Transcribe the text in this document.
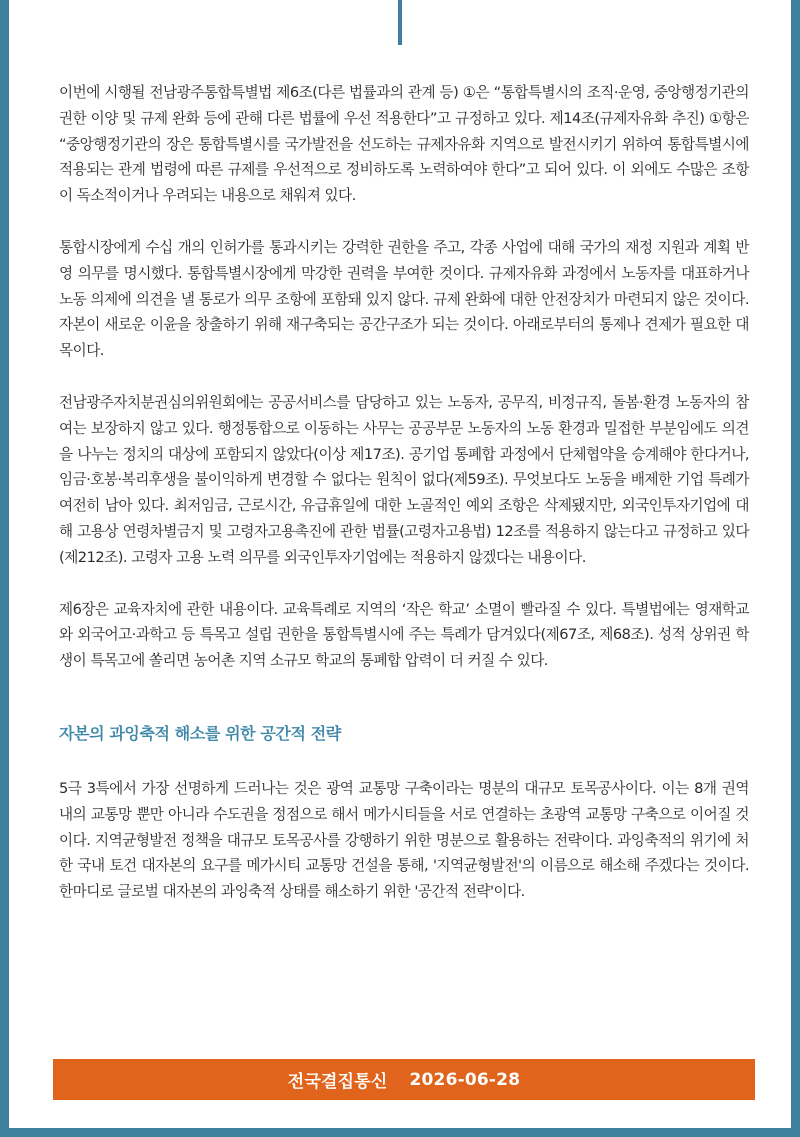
이번에 시행될 전남광주통합특별법 제6조(다른 법률과의 관계 등) ①은 “통합특별시의 조직·운영, 중앙행정기관의 권한 이양 및 규제 완화 등에 관해 다른 법률에 우선 적용한다”고 규정하고 있다. 제14조(규제자유화 추진) ①항은 “중앙행정기관의 장은 통합특별시를 국가발전을 선도하는 규제자유화 지역으로 발전시키기 위하여 통합특별시에 적용되는 관계 법령에 따른 규제를 우선적으로 정비하도록 노력하여야 한다”고 되어 있다. 이 외에도 수많은 조항이 독소적이거나 우려되는 내용으로 채워져 있다.

통합시장에게 수십 개의 인허가를 통과시키는 강력한 권한을 주고, 각종 사업에 대해 국가의 재정 지원과 계획 반영 의무를 명시했다. 통합특별시장에게 막강한 권력을 부여한 것이다. 규제자유화 과정에서 노동자를 대표하거나 노동 의제에 의견을 낼 통로가 의무 조항에 포함돼 있지 않다. 규제 완화에 대한 안전장치가 마련되지 않은 것이다. 자본이 새로운 이윤을 창출하기 위해 재구축되는 공간구조가 되는 것이다. 아래로부터의 통제나 견제가 필요한 대목이다.

전남광주자치분권심의위원회에는 공공서비스를 담당하고 있는 노동자, 공무직, 비정규직, 돌봄·환경 노동자의 참여는 보장하지 않고 있다. 행정통합으로 이동하는 사무는 공공부문 노동자의 노동 환경과 밀접한 부분임에도 의견을 나누는 정치의 대상에 포함되지 않았다(이상 제17조). 공기업 통폐합 과정에서 단체협약을 승계해야 한다거나, 임금·호봉·복리후생을 불이익하게 변경할 수 없다는 원칙이 없다(제59조). 무엇보다도 노동을 배제한 기업 특례가 여전히 남아 있다. 최저임금, 근로시간, 유급휴일에 대한 노골적인 예외 조항은 삭제됐지만, 외국인투자기업에 대해 고용상 연령차별금지 및 고령자고용촉진에 관한 법률(고령자고용법) 12조를 적용하지 않는다고 규정하고 있다(제212조). 고령자 고용 노력 의무를 외국인투자기업에는 적용하지 않겠다는 내용이다.

제6장은 교육자치에 관한 내용이다. 교육특례로 지역의 ‘작은 학교’ 소멸이 빨라질 수 있다. 특별법에는 영재학교와 외국어고·과학고 등 특목고 설립 권한을 통합특별시에 주는 특례가 담겨있다(제67조, 제68조). 성적 상위권 학생이 특목고에 쏠리면 농어촌 지역 소규모 학교의 통폐합 압력이 더 커질 수 있다.

자본의 과잉축적 해소를 위한 공간적 전략

5극 3특에서 가장 선명하게 드러나는 것은 광역 교통망 구축이라는 명분의 대규모 토목공사이다. 이는 8개 권역 내의 교통망 뿐만 아니라 수도권을 정점으로 해서 메가시티들을 서로 연결하는 초광역 교통망 구축으로 이어질 것이다. 지역균형발전 정책을 대규모 토목공사를 강행하기 위한 명분으로 활용하는 전략이다. 과잉축적의 위기에 처한 국내 토건 대자본의 요구를 메가시티 교통망 건설을 통해, '지역균형발전'의 이름으로 해소해 주겠다는 것이다. 한마디로 글로벌 대자본의 과잉축적 상태를 해소하기 위한 '공간적 전략'이다.

전국결집통신 2026-06-28
